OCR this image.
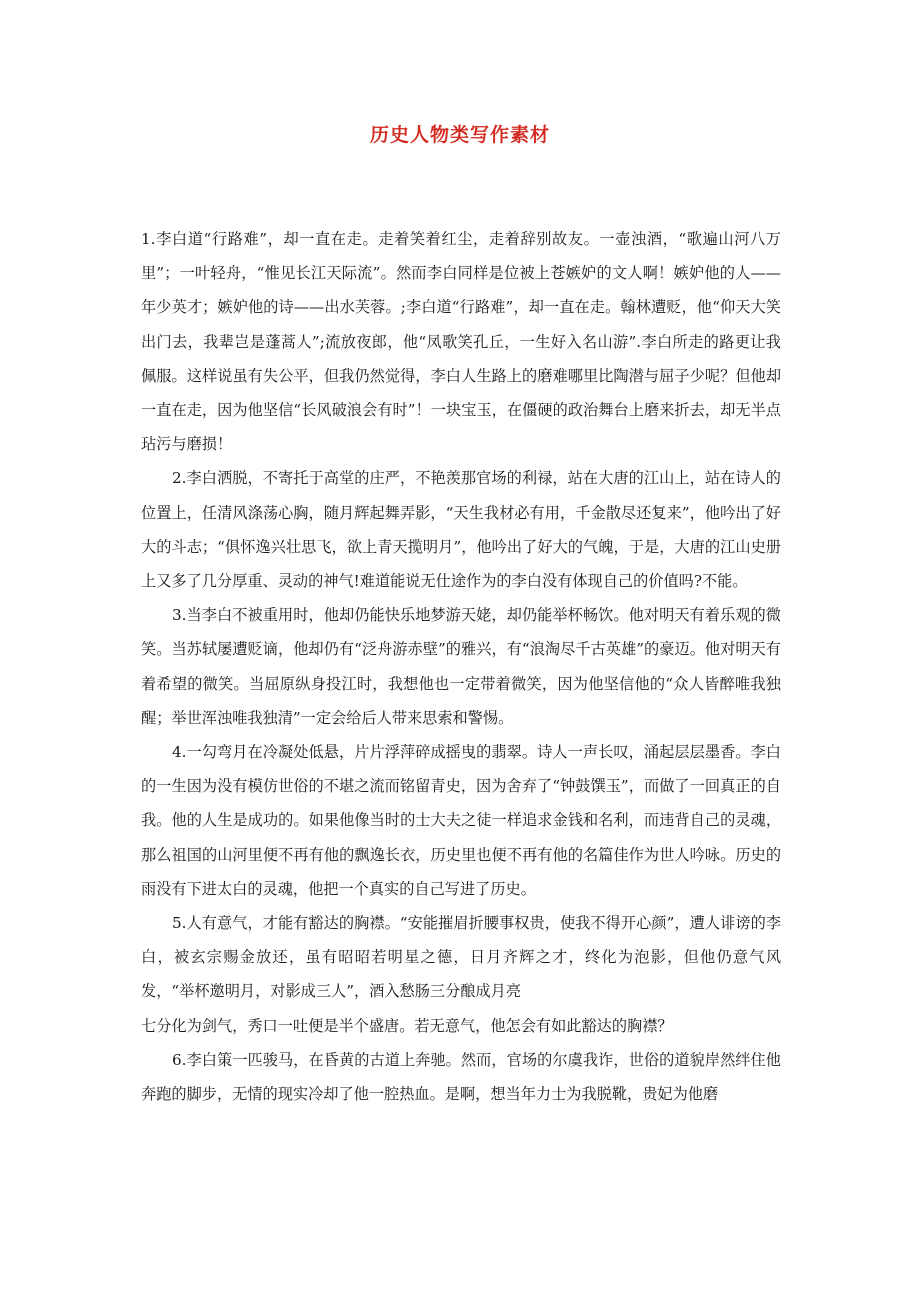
历史人物类写作素材

1.李白道“行路难”，却一直在走。走着笑着红尘，走着辞别故友。一壶浊酒，“歌遍山河八万里”；一叶轻舟，“惟见长江天际流”。然而李白同样是位被上苍嫉妒的文人啊！嫉妒他的人——年少英才；嫉妒他的诗——出水芙蓉。;李白道“行路难”，却一直在走。翰林遭贬，他“仰天大笑出门去，我辈岂是蓬蒿人”;流放夜郎，他“凤歌笑孔丘，一生好入名山游”.李白所走的路更让我佩服。这样说虽有失公平，但我仍然觉得，李白人生路上的磨难哪里比陶潜与屈子少呢？但他却一直在走，因为他坚信“长风破浪会有时”！一块宝玉，在僵硬的政治舞台上磨来折去，却无半点玷污与磨损！

2.李白洒脱，不寄托于高堂的庄严，不艳羡那官场的利禄，站在大唐的江山上，站在诗人的位置上，任清风涤荡心胸，随月辉起舞弄影，“天生我材必有用，千金散尽还复来”，他吟出了好大的斗志；“俱怀逸兴壮思飞，欲上青天揽明月”，他吟出了好大的气魄，于是，大唐的江山史册上又多了几分厚重、灵动的神气!难道能说无仕途作为的李白没有体现自己的价值吗?不能。

3.当李白不被重用时，他却仍能快乐地梦游天姥，却仍能举杯畅饮。他对明天有着乐观的微笑。当苏轼屡遭贬谪，他却仍有“泛舟游赤壁”的雅兴，有“浪淘尽千古英雄”的豪迈。他对明天有着希望的微笑。当屈原纵身投江时，我想他也一定带着微笑，因为他坚信他的“众人皆醉唯我独醒；举世浑浊唯我独清”一定会给后人带来思索和警惕。

4.一勾弯月在冷凝处低悬，片片浮萍碎成摇曳的翡翠。诗人一声长叹，涌起层层墨香。李白的一生因为没有模仿世俗的不堪之流而铭留青史，因为舍弃了“钟鼓馔玉”，而做了一回真正的自我。他的人生是成功的。如果他像当时的士大夫之徒一样追求金钱和名利，而违背自己的灵魂，那么祖国的山河里便不再有他的飘逸长衣，历史里也便不再有他的名篇佳作为世人吟咏。历史的雨没有下进太白的灵魂，他把一个真实的自己写进了历史。

5.人有意气，才能有豁达的胸襟。“安能摧眉折腰事权贵，使我不得开心颜”，遭人诽谤的李白，被玄宗赐金放还，虽有昭昭若明星之德，日月齐辉之才，终化为泡影，但他仍意气风发，“举杯邀明月，对影成三人”，酒入愁肠三分酿成月亮

七分化为剑气，秀口一吐便是半个盛唐。若无意气，他怎会有如此豁达的胸襟？

6.李白策一匹骏马，在昏黄的古道上奔驰。然而，官场的尔虞我诈，世俗的道貌岸然绊住他奔跑的脚步，无情的现实冷却了他一腔热血。是啊，想当年力士为我脱靴，贵妃为他磨
